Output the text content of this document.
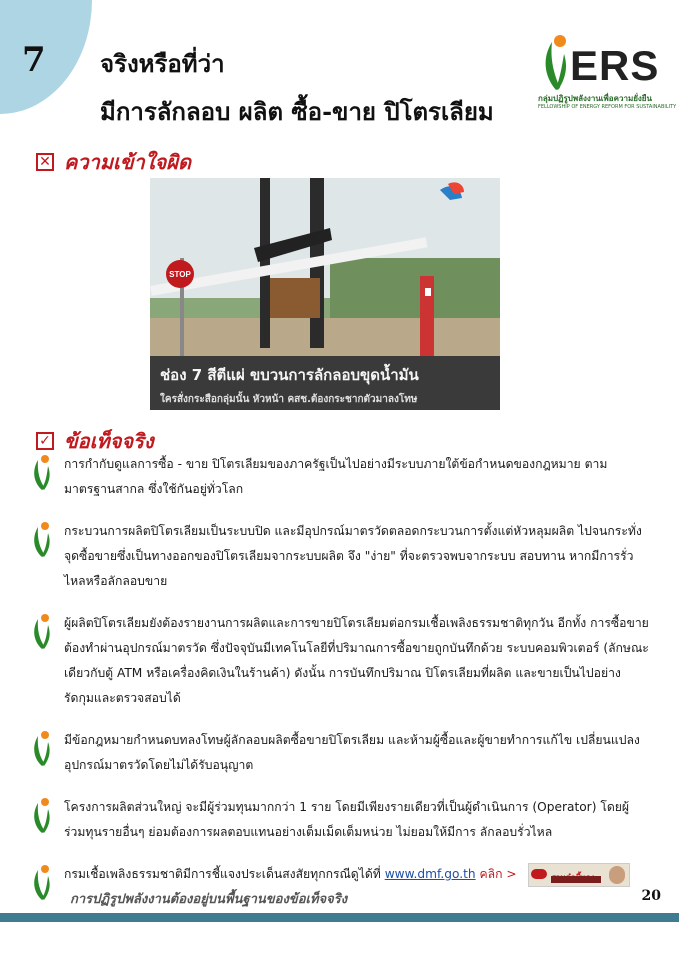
7 จริงหรือที่ว่า
มีการลักลอบ ผลิต ซื้อ-ขาย ปิโตรเลียม
ERS
กลุ่มปฏิรูปพลังงานเพื่อความยั่งยืน
FELLOWSHIP OF ENERGY REFORM FOR SUSTAINABILITY
✕ ความเข้าใจผิด
STOP
ช่อง 7 สีตีแผ่ ขบวนการลักลอบขุดน้ำมัน
ใครสั่งกระสือกลุ่มนั้น หัวหน้า คสช.ต้องกระชากตัวมาลงโทษ
✓ ข้อเท็จจริง
การกำกับดูแลการซื้อ - ขาย ปิโตรเลียมของภาครัฐเป็นไปอย่างมีระบบภายใต้ข้อกำหนดของกฎหมาย ตามมาตรฐานสากล ซึ่งใช้กันอยู่ทั่วโลก
กระบวนการผลิตปิโตรเลียมเป็นระบบปิด และมีอุปกรณ์มาตรวัดตลอดกระบวนการตั้งแต่หัวหลุมผลิต ไปจนกระทั่งจุดซื้อขายซึ่งเป็นทางออกของปิโตรเลียมจากระบบผลิต จึง "ง่าย" ที่จะตรวจพบจากระบบ สอบทาน หากมีการรั่วไหลหรือลักลอบขาย
ผู้ผลิตปิโตรเลียมยังต้องรายงานการผลิตและการขายปิโตรเลียมต่อกรมเชื้อเพลิงธรรมชาติทุกวัน อีกทั้ง การซื้อขายต้องทำผ่านอุปกรณ์มาตรวัด ซึ่งปัจจุบันมีเทคโนโลยีที่ปริมาณการซื้อขายถูกบันทึกด้วย ระบบคอมพิวเตอร์ (ลักษณะเดียวกับตู้ ATM หรือเครื่องคิดเงินในร้านค้า) ดังนั้น การบันทึกปริมาณ ปิโตรเลียมที่ผลิต และขายเป็นไปอย่างรัดกุมและตรวจสอบได้
มีข้อกฎหมายกำหนดบทลงโทษผู้ลักลอบผลิตซื้อขายปิโตรเลียม และห้ามผู้ซื้อและผู้ขายทำการแก้ไข เปลี่ยนแปลงอุปกรณ์มาตรวัดโดยไม่ได้รับอนุญาต
โครงการผลิตส่วนใหญ่ จะมีผู้ร่วมทุนมากกว่า 1 ราย โดยมีเพียงรายเดียวที่เป็นผู้ดำเนินการ (Operator) โดยผู้ร่วมทุนรายอื่นๆ ย่อมต้องการผลตอบแทนอย่างเต็มเม็ดเต็มหน่วย ไม่ยอมให้มีการ ลักลอบรั่วไหล
กรมเชื้อเพลิงธรรมชาติมีการชี้แจงประเด็นสงสัยทุกกรณีดูได้ที่ www.dmf.go.th คลิก >
การปฏิรูปพลังงานต้องอยู่บนพื้นฐานของข้อเท็จจริง	20
